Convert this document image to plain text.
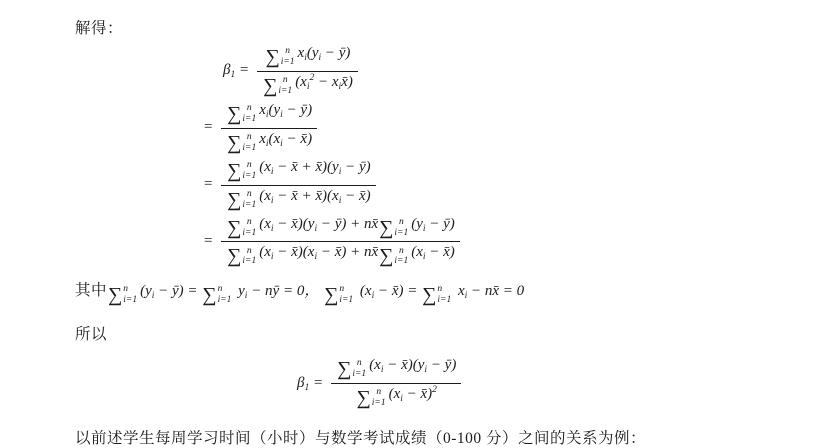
解得：
$\beta_1$ = ∑ n
i=1
$x_i(y_i$ − ȳ)
∑ n
i=1
($x_i^2$ − $x_ix̄$)
= ∑ n
i=1
$x_i(y_i$ − ȳ)
∑ n
i=1
$x_i(x_i$ − x̄)
= ∑ n
i=1
($x_i$ − x̄ + $x̄)(y_i$ − ȳ)
∑ n
i=1
($x_i$ − x̄ + $x̄)(x_i$ − x̄)
= ∑ n
i=1
($x_i$ − $x̄)(y_i$ − ȳ) + nx̄ ∑ n
i=1
($y_i$ − ȳ)
∑ n
i=1
($x_i$ − $x̄)(x_i$ − x̄) + nx̄ ∑ n
i=1
($x_i$ − x̄)
其中 ∑ n
i=1
($y_i$ − ȳ) = ∑ n
i=1
$y_i$ − nȳ = 0， ∑ n
i=1
($x_i$ − x̄) = ∑ n
i=1
$x_i$ − nx̄ = 0
所以
$\beta_1$ = ∑ n
i=1
($x_i$ − $x̄)(y_i$ − ȳ)
∑ n
i=1
($x_i$ − x̄)$^2$
以前述学生每周学习时间（小时）与数学考试成绩（0-100 分）之间的关系为例：
